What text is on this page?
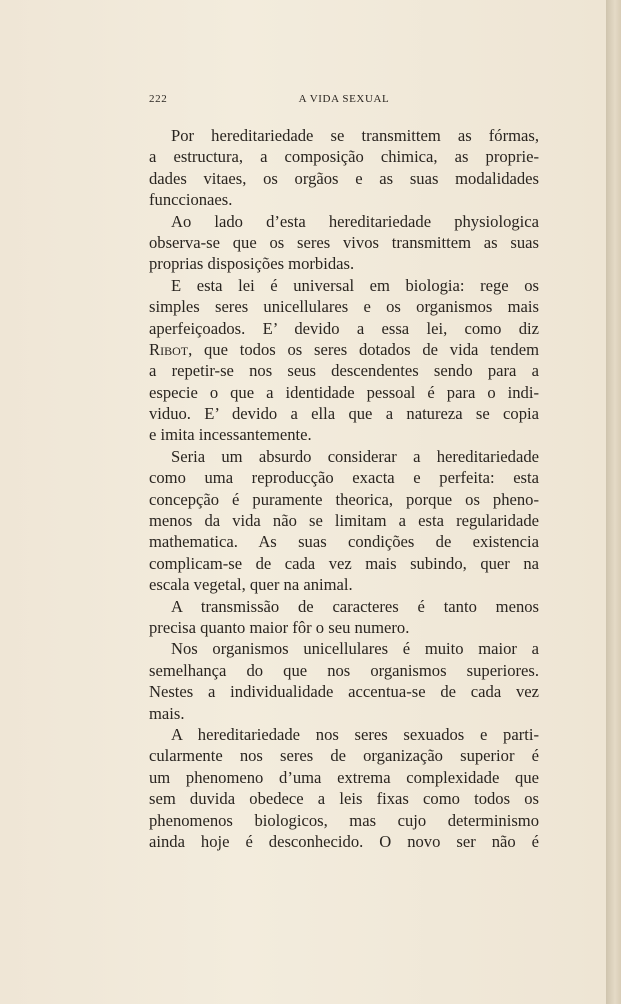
222	A VIDA SEXUAL
Por hereditariedade se transmittem as fórmas,
a estructura, a composição chimica, as proprie-
dades vitaes, os orgãos e as suas modalidades
funccionaes.
Ao lado d’esta hereditariedade physiologica
observa-se que os seres vivos transmittem as suas
proprias disposições morbidas.
E esta lei é universal em biologia: rege os
simples seres unicellulares e os organismos mais
aperfeiçoados. E’ devido a essa lei, como diz
Ribot, que todos os seres dotados de vida tendem
a repetir-se nos seus descendentes sendo para a
especie o que a identidade pessoal é para o indi-
viduo. E’ devido a ella que a natureza se copia
e imita incessantemente.
Seria um absurdo considerar a hereditariedade
como uma reproducção exacta e perfeita: esta
concepção é puramente theorica, porque os pheno-
menos da vida não se limitam a esta regularidade
mathematica. As suas condições de existencia
complicam-se de cada vez mais subindo, quer na
escala vegetal, quer na animal.
A transmissão de caracteres é tanto menos
precisa quanto maior fôr o seu numero.
Nos organismos unicellulares é muito maior a
semelhança do que nos organismos superiores.
Nestes a individualidade accentua-se de cada vez
mais.
A hereditariedade nos seres sexuados e parti-
cularmente nos seres de organização superior é
um phenomeno d’uma extrema complexidade que
sem duvida obedece a leis fixas como todos os
phenomenos biologicos, mas cujo determinismo
ainda hoje é desconhecido. O novo ser não é
